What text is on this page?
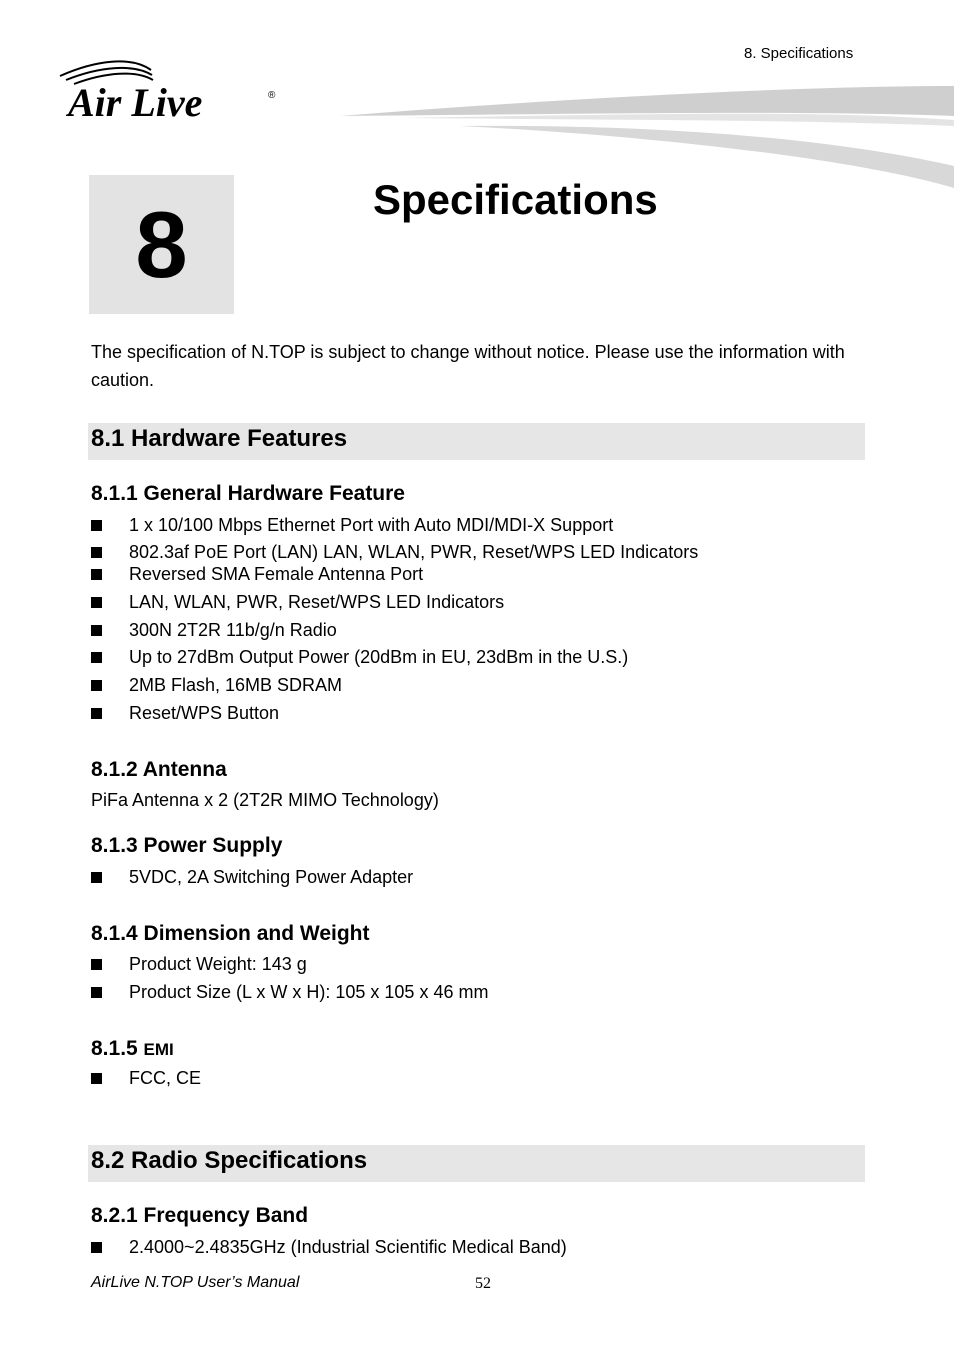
8. Specifications
Air Live	®
8	Specifications
The specification of N.TOP is subject to change without notice. Please use the information with caution.
8.1 Hardware Features
8.1.1 General Hardware Feature
1 x 10/100 Mbps Ethernet Port with Auto MDI/MDI-X Support
802.3af PoE Port (LAN) LAN, WLAN, PWR, Reset/WPS LED Indicators
Reversed SMA Female Antenna Port
LAN, WLAN, PWR, Reset/WPS LED Indicators
300N 2T2R 11b/g/n Radio
Up to 27dBm Output Power (20dBm in EU, 23dBm in the U.S.)
2MB Flash, 16MB SDRAM
Reset/WPS Button
8.1.2 Antenna
PiFa Antenna x 2 (2T2R MIMO Technology)
8.1.3 Power Supply
5VDC, 2A Switching Power Adapter
8.1.4 Dimension and Weight
Product Weight: 143 g
Product Size (L x W x H): 105 x 105 x 46 mm
8.1.5 EMI
FCC, CE
8.2 Radio Specifications
8.2.1 Frequency Band
2.4000~2.4835GHz (Industrial Scientific Medical Band)
AirLive N.TOP User’s Manual	52
